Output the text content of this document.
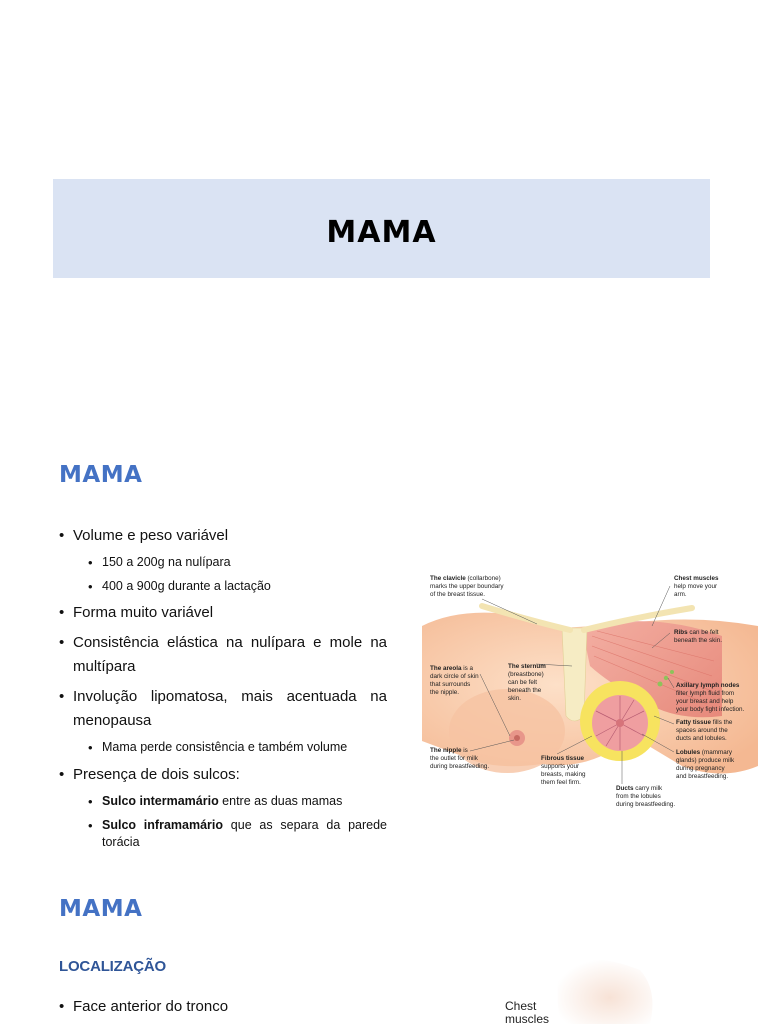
MAMA
MAMA
• Volume e peso variável
• 150 a 200g na nulípara
• 400 a 900g durante a lactação
• Forma muito variável
• Consistência elástica na nulípara e mole na multípara
• Involução lipomatosa, mais acentuada na menopausa
• Mama perde consistência e também volume
• Presença de dois sulcos:
• Sulco intermamário entre as duas mamas
• Sulco inframamário que as separa da parede torácia
The clavicle (collarbone)
marks the upper boundary
of the breast tissue.
Chest muscles
help move your
arm.
Ribs can be felt
beneath the skin.
The areola is a
dark circle of skin
that surrounds
the nipple.
The sternum
(breastbone)
can be felt
beneath the
skin.
Axillary lymph nodes
filter lymph fluid from
your breast and help
your body fight infection.
Fatty tissue fills the
spaces around the
ducts and lobules.
The nipple is
the outlet for milk
during breastfeeding.
Fibrous tissue
supports your
breasts, making
them feel firm.
Lobules (mammary
glands) produce milk
during pregnancy
and breastfeeding.
Ducts carry milk
from the lobules
during breastfeeding.
MAMA
LOCALIZAÇÃO
• Face anterior do tronco	Chest
muscles
